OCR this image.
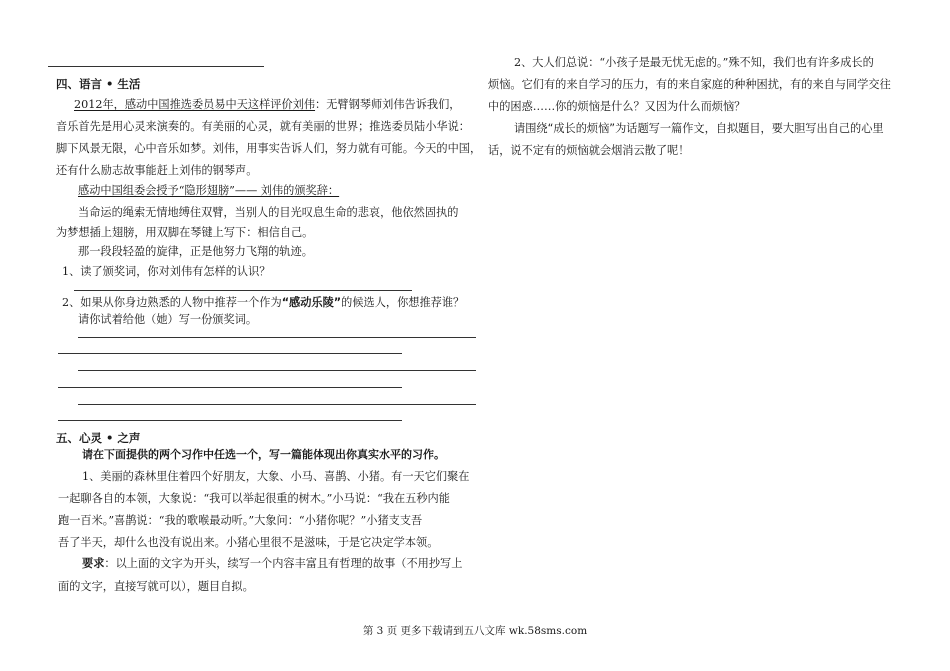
四、语言 • 生活
2012年，感动中国推选委员易中天这样评价刘伟：无臂钢琴师刘伟告诉我们，
音乐首先是用心灵来演奏的。有美丽的心灵，就有美丽的世界；推选委员陆小华说：
脚下风景无限，心中音乐如梦。刘伟，用事实告诉人们，努力就有可能。今天的中国，
还有什么励志故事能赶上刘伟的钢琴声。
感动中国组委会授予“隐形翅膀”—— 刘伟的颁奖辞：
当命运的绳索无情地缚住双臂，当别人的目光叹息生命的悲哀，他依然固执的
为梦想插上翅膀，用双脚在琴键上写下：相信自己。
那一段段轻盈的旋律，正是他努力飞翔的轨迹。
1、读了颁奖词，你对刘伟有怎样的认识？
2、如果从你身边熟悉的人物中推荐一个作为“感动乐陵”的候选人，你想推荐谁？
请你试着给他（她）写一份颁奖词。
五、心灵 • 之声
请在下面提供的两个习作中任选一个，写一篇能体现出你真实水平的习作。
1、美丽的森林里住着四个好朋友，大象、小马、喜鹊、小猪。有一天它们聚在
一起聊各自的本领，大象说：“我可以举起很重的树木。”小马说：“我在五秒内能
跑一百米。”喜鹊说：“我的歌喉最动听。”大象问：“小猪你呢？”小猪支支吾
吾了半天，却什么也没有说出来。小猪心里很不是滋味，于是它决定学本领。
要求：以上面的文字为开头，续写一个内容丰富且有哲理的故事（不用抄写上
面的文字，直接写就可以），题目自拟。
2、大人们总说：“小孩子是最无忧无虑的。”殊不知，我们也有许多成长的
烦恼。它们有的来自学习的压力，有的来自家庭的种种困扰，有的来自与同学交往
中的困惑……你的烦恼是什么？又因为什么而烦恼？
请围绕“成长的烦恼”为话题写一篇作文，自拟题目，要大胆写出自己的心里
话，说不定有的烦恼就会烟消云散了呢！
第 3 页 更多下载请到五八文库 wk.58sms.com
